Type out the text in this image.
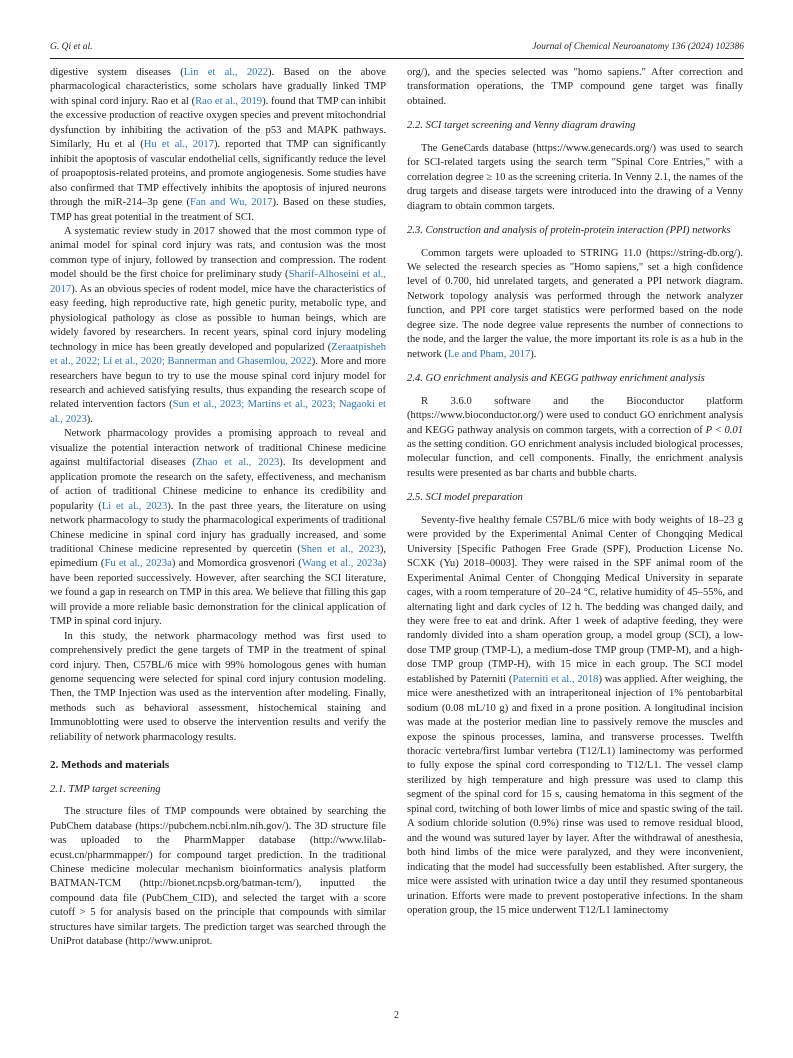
G. Qi et al.	Journal of Chemical Neuroanatomy 136 (2024) 102386

digestive system diseases (Lin et al., 2022). Based on the above pharmacological characteristics, some scholars have gradually linked TMP with spinal cord injury. Rao et al (Rao et al., 2019). found that TMP can inhibit the excessive production of reactive oxygen species and prevent mitochondrial dysfunction by inhibiting the activation of the p53 and MAPK pathways. Similarly, Hu et al (Hu et al., 2017). reported that TMP can significantly inhibit the apoptosis of vascular endothelial cells, significantly reduce the level of proapoptosis-related proteins, and promote angiogenesis. Some studies have also confirmed that TMP effectively inhibits the apoptosis of injured neurons through the miR-214–3p gene (Fan and Wu, 2017). Based on these studies, TMP has great potential in the treatment of SCI.

A systematic review study in 2017 showed that the most common type of animal model for spinal cord injury was rats, and contusion was the most common type of injury, followed by transection and compression. The rodent model should be the first choice for preliminary study (Sharif-Alhoseini et al., 2017). As an obvious species of rodent model, mice have the characteristics of easy feeding, high reproductive rate, high genetic purity, metabolic type, and physiological pathology as close as possible to human beings, which are widely favored by researchers. In recent years, spinal cord injury modeling technology in mice has been greatly developed and popularized (Zeraatpisheh et al., 2022; Li et al., 2020; Bannerman and Ghasemlou, 2022). More and more researchers have begun to try to use the mouse spinal cord injury model for research and achieved satisfying results, thus expanding the research scope of related intervention factors (Sun et al., 2023; Martins et al., 2023; Nagaoki et al., 2023).

Network pharmacology provides a promising approach to reveal and visualize the potential interaction network of traditional Chinese medicine against multifactorial diseases (Zhao et al., 2023). Its development and application promote the research on the safety, effectiveness, and mechanism of action of traditional Chinese medicine to enhance its credibility and popularity (Li et al., 2023). In the past three years, the literature on using network pharmacology to study the pharmacological experiments of traditional Chinese medicine in spinal cord injury has gradually increased, and some traditional Chinese medicine represented by quercetin (Shen et al., 2023), epimedium (Fu et al., 2023a) and Momordica grosvenori (Wang et al., 2023a) have been reported successively. However, after searching the SCI literature, we found a gap in research on TMP in this area. We believe that filling this gap will provide a more reliable basic demonstration for the clinical application of TMP in spinal cord injury.

In this study, the network pharmacology method was first used to comprehensively predict the gene targets of TMP in the treatment of spinal cord injury. Then, C57BL/6 mice with 99% homologous genes with human genome sequencing were selected for spinal cord injury contusion modeling. Then, the TMP Injection was used as the intervention after modeling. Finally, methods such as behavioral assessment, histochemical staining and Immunoblotting were used to observe the intervention results and verify the reliability of network pharmacology results.

2. Methods and materials
2.1. TMP target screening

The structure files of TMP compounds were obtained by searching the PubChem database (https://pubchem.ncbi.nlm.nih.gov/). The 3D structure file was uploaded to the PharmMapper database (http://www.lilab-ecust.cn/pharmmapper/) for compound target prediction. In the traditional Chinese medicine molecular mechanism bioinformatics analysis platform BATMAN-TCM (http://bionet.ncpsb.org/batman-tcm/), inputted the compound data file (PubChem_CID), and selected the target with a score cutoff > 5 for analysis based on the principle that compounds with similar structures have similar targets. The prediction target was searched through the UniProt database (http://www.uniprot.

org/), and the species selected was "homo sapiens." After correction and transformation operations, the TMP compound gene target was finally obtained.

2.2. SCI target screening and Venny diagram drawing

The GeneCards database (https://www.genecards.org/) was used to search for SCI-related targets using the search term "Spinal Core Entries," with a correlation degree ≥ 10 as the screening criteria. In Venny 2.1, the names of the drug targets and disease targets were introduced into the drawing of a Venny diagram to obtain common targets.

2.3. Construction and analysis of protein-protein interaction (PPI) networks

Common targets were uploaded to STRING 11.0 (https://string-db.org/). We selected the research species as "Homo sapiens," set a high confidence level of 0.700, hid unrelated targets, and generated a PPI network diagram. Network topology analysis was performed through the network analyzer function, and PPI core target statistics were performed based on the node degree size. The node degree value represents the number of connections to the node, and the larger the value, the more important its role is as a hub in the network (Le and Pham, 2017).

2.4. GO enrichment analysis and KEGG pathway enrichment analysis

R 3.6.0 software and the Bioconductor platform (https://www.bioconductor.org/) were used to conduct GO enrichment analysis and KEGG pathway analysis on common targets, with a correction of P < 0.01 as the setting condition. GO enrichment analysis included biological processes, molecular function, and cell components. Finally, the enrichment analysis results were presented as bar charts and bubble charts.

2.5. SCI model preparation

Seventy-five healthy female C57BL/6 mice with body weights of 18–23 g were provided by the Experimental Animal Center of Chongqing Medical University [Specific Pathogen Free Grade (SPF), Production License No. SCXK (Yu) 2018–0003]. They were raised in the SPF animal room of the Experimental Animal Center of Chongqing Medical University in separate cages, with a room temperature of 20–24 °C, relative humidity of 45–55%, and alternating light and dark cycles of 12 h. The bedding was changed daily, and they were free to eat and drink. After 1 week of adaptive feeding, they were randomly divided into a sham operation group, a model group (SCI), a low-dose TMP group (TMP-L), a medium-dose TMP group (TMP-M), and a high-dose TMP group (TMP-H), with 15 mice in each group. The SCI model established by Paterniti (Paterniti et al., 2018) was applied. After weighing, the mice were anesthetized with an intraperitoneal injection of 1% pentobarbital sodium (0.08 mL/10 g) and fixed in a prone position. A longitudinal incision was made at the posterior median line to passively remove the muscles and expose the spinous processes, lamina, and transverse processes. Twelfth thoracic vertebra/first lumbar vertebra (T12/L1) laminectomy was performed to fully expose the spinal cord corresponding to T12/L1. The vessel clamp sterilized by high temperature and high pressure was used to clamp this segment of the spinal cord for 15 s, causing hematoma in this segment of the spinal cord, twitching of both lower limbs of mice and spastic swing of the tail. A sodium chloride solution (0.9%) rinse was used to remove residual blood, and the wound was sutured layer by layer. After the withdrawal of anesthesia, both hind limbs of the mice were paralyzed, and they were inconvenient, indicating that the model had successfully been established. After surgery, the mice were assisted with urination twice a day until they resumed spontaneous urination. Efforts were made to prevent postoperative infections. In the sham operation group, the 15 mice underwent T12/L1 laminectomy

2
